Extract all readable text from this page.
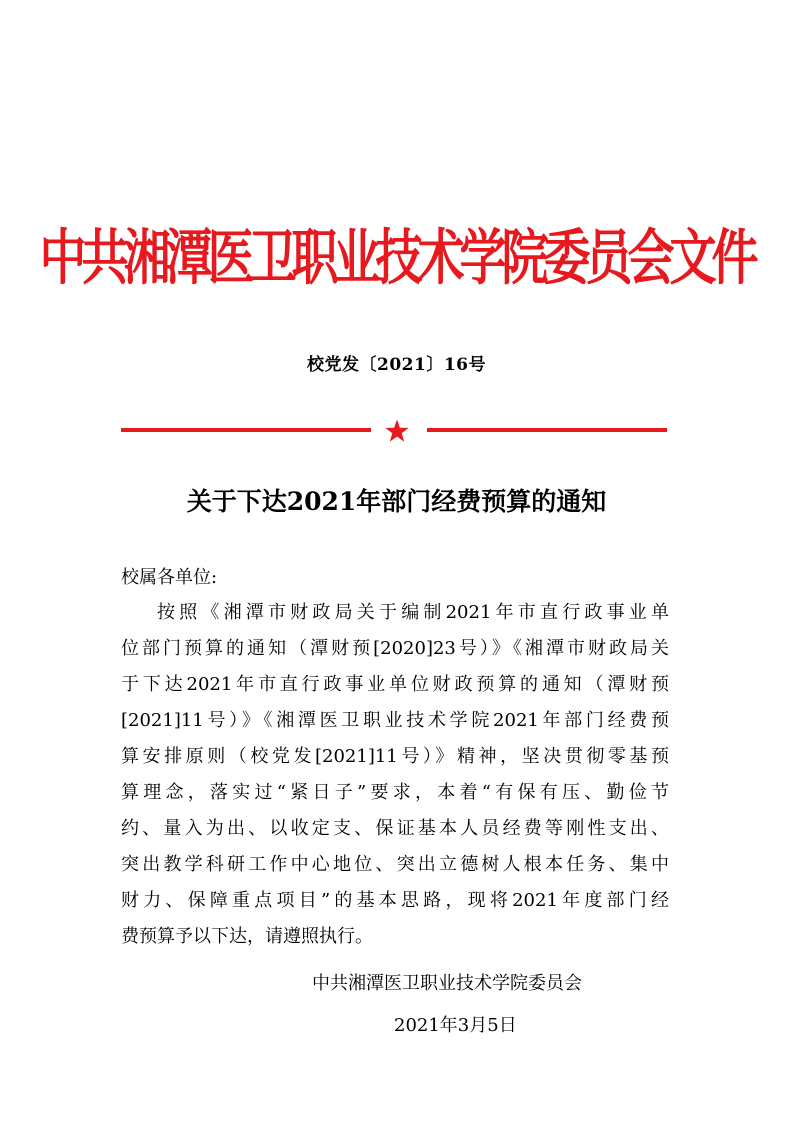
中共湘潭医卫职业技术学院委员会文件
校党发〔2021〕16号
关于下达2021年部门经费预算的通知
校属各单位:
按照《湘潭市财政局关于编制2021年市直行政事业单
位部门预算的通知（潭财预[2020]23号）》《湘潭市财政局关
于下达2021年市直行政事业单位财政预算的通知（潭财预
[2021]11号）》《湘潭医卫职业技术学院2021年部门经费预
算安排原则（校党发[2021]11号）》精神，坚决贯彻零基预
算理念，落实过“紧日子”要求，本着“有保有压、勤俭节
约、量入为出、以收定支、保证基本人员经费等刚性支出、
突出教学科研工作中心地位、突出立德树人根本任务、集中
财力、保障重点项目”的基本思路，现将2021年度部门经
费预算予以下达，请遵照执行。
中共湘潭医卫职业技术学院委员会
2021年3月5日
